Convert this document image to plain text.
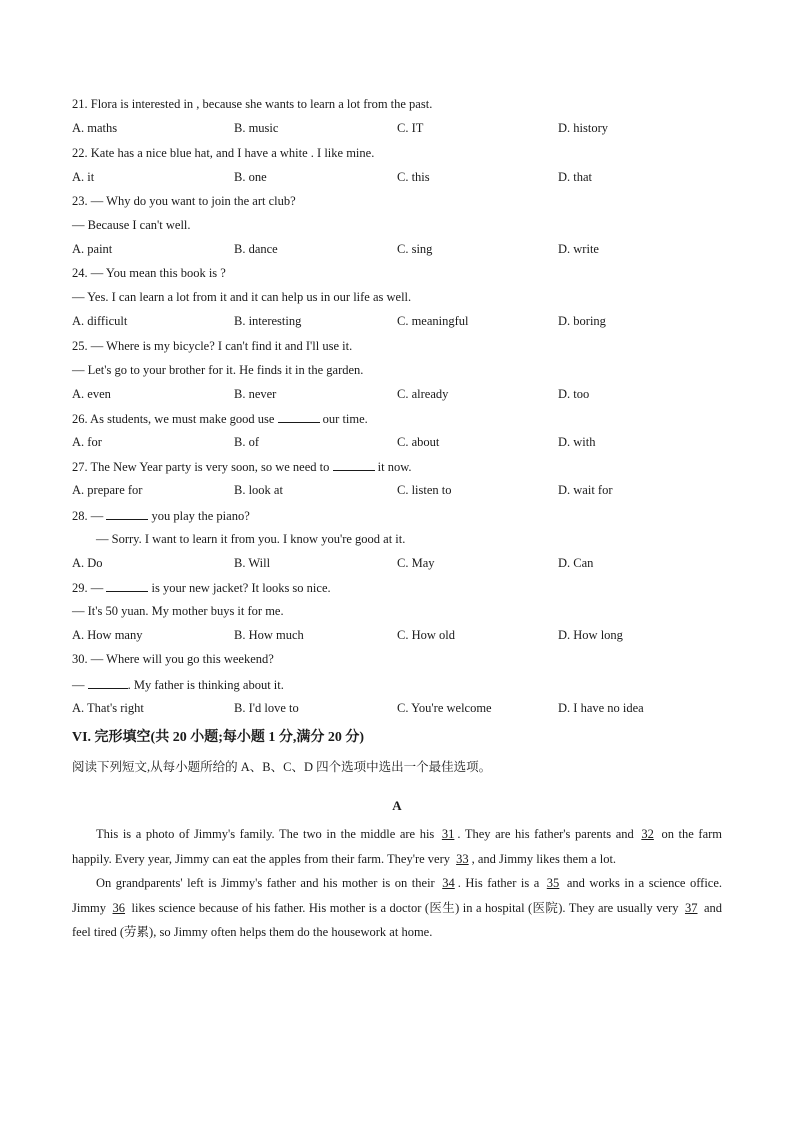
21. Flora is interested in , because she wants to learn a lot from the past.
A. maths	B. music	C. IT	D. history
22. Kate has a nice blue hat, and I have a white . I like mine.
A. it	B. one	C. this	D. that
23. — Why do you want to join the art club?
— Because I can't well.
A. paint	B. dance	C. sing	D. write
24. — You mean this book is ?
— Yes. I can learn a lot from it and it can help us in our life as well.
A. difficult	B. interesting	C. meaningful	D. boring
25. — Where is my bicycle? I can't find it and I'll use it.
— Let's go to your brother for it. He finds it in the garden.
A. even	B. never	C. already	D. too
26. As students, we must make good use	our time.
A. for	B. of	C. about	D. with
27. The New Year party is very soon, so we need to	it now.
A. prepare for	B. look at	C. listen to	D. wait for
28. —	you play the piano?
— Sorry. I want to learn it from you. I know you're good at it.
A. Do	B. Will	C. May	D. Can
29. —	is your new jacket? It looks so nice.
— It's 50 yuan. My mother buys it for me.
A. How many	B. How much	C. How old	D. How long
30. — Where will you go this weekend?
—	. My father is thinking about it.
A. That's right	B. I'd love to	C. You're welcome	D. I have no idea
VI. 完形填空(共 20 小题;每小题 1 分,满分 20 分)
阅读下列短文,从每小题所给的 A、B、C、D 四个选项中选出一个最佳选项。
A

This is a photo of Jimmy's family. The two in the middle are his 31 . They are his father's parents and 32 on the farm happily. Every year, Jimmy can eat the apples from their farm. They're very 33 , and Jimmy likes them a lot.

On grandparents' left is Jimmy's father and his mother is on their 34 . His father is a 35 and works in a science office. Jimmy 36 likes science because of his father. His mother is a doctor (医生) in a hospital (医院). They are usually very 37 and feel tired (劳累), so Jimmy often helps them do the housework at home.
